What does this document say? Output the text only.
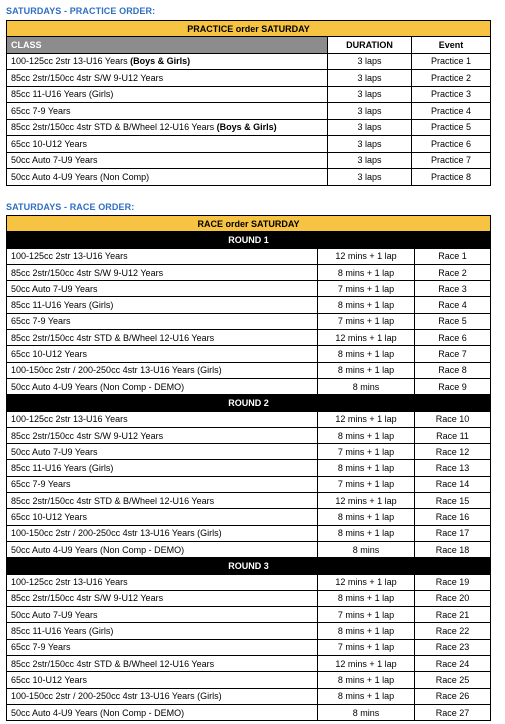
SATURDAYS - PRACTICE ORDER:
PRACTICE order SATURDAY		
CLASS	DURATION	Event
100-125cc 2str 13-U16 Years (Boys & Girls)	3 laps	Practice 1
85cc 2str/150cc 4str S/W 9-U12 Years	3 laps	Practice 2
85cc 11-U16 Years (Girls)	3 laps	Practice 3
65cc 7-9 Years	3 laps	Practice 4
85cc 2str/150cc 4str STD & B/Wheel 12-U16 Years (Boys & Girls)	3 laps	Practice 5
65cc 10-U12 Years	3 laps	Practice 6
50cc Auto 7-U9 Years	3 laps	Practice 7
50cc Auto 4-U9 Years (Non Comp)	3 laps	Practice 8
SATURDAYS - RACE ORDER:
RACE order SATURDAY		
ROUND 1		
100-125cc 2str 13-U16 Years	12 mins + 1 lap	Race 1
85cc 2str/150cc 4str S/W 9-U12 Years	8 mins + 1 lap	Race 2
50cc Auto 7-U9 Years	7 mins + 1 lap	Race 3
85cc 11-U16 Years (Girls)	8 mins + 1 lap	Race 4
65cc 7-9 Years	7 mins + 1 lap	Race 5
85cc 2str/150cc 4str STD & B/Wheel 12-U16 Years	12 mins + 1 lap	Race 6
65cc 10-U12 Years	8 mins + 1 lap	Race 7
100-150cc 2str / 200-250cc 4str 13-U16 Years (Girls)	8 mins + 1 lap	Race 8
50cc Auto 4-U9 Years (Non Comp - DEMO)	8 mins	Race 9
ROUND 2		
100-125cc 2str 13-U16 Years	12 mins + 1 lap	Race 10
85cc 2str/150cc 4str S/W 9-U12 Years	8 mins + 1 lap	Race 11
50cc Auto 7-U9 Years	7 mins + 1 lap	Race 12
85cc 11-U16 Years (Girls)	8 mins + 1 lap	Race 13
65cc 7-9 Years	7 mins + 1 lap	Race 14
85cc 2str/150cc 4str STD & B/Wheel 12-U16 Years	12 mins + 1 lap	Race 15
65cc 10-U12 Years	8 mins + 1 lap	Race 16
100-150cc 2str / 200-250cc 4str 13-U16 Years (Girls)	8 mins + 1 lap	Race 17
50cc Auto 4-U9 Years (Non Comp - DEMO)	8 mins	Race 18
ROUND 3		
100-125cc 2str 13-U16 Years	12 mins + 1 lap	Race 19
85cc 2str/150cc 4str S/W 9-U12 Years	8 mins + 1 lap	Race 20
50cc Auto 7-U9 Years	7 mins + 1 lap	Race 21
85cc 11-U16 Years (Girls)	8 mins + 1 lap	Race 22
65cc 7-9 Years	7 mins + 1 lap	Race 23
85cc 2str/150cc 4str STD & B/Wheel 12-U16 Years	12 mins + 1 lap	Race 24
65cc 10-U12 Years	8 mins + 1 lap	Race 25
100-150cc 2str / 200-250cc 4str 13-U16 Years (Girls)	8 mins + 1 lap	Race 26
50cc Auto 4-U9 Years (Non Comp - DEMO)	8 mins	Race 27
